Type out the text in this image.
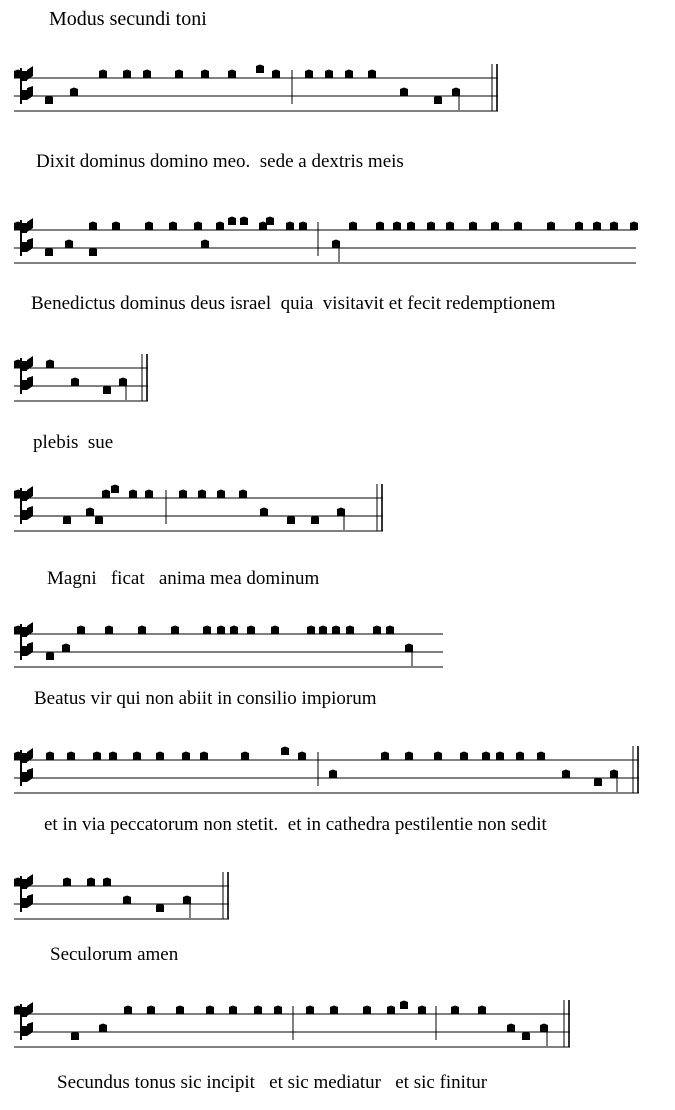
Modus secundi toni
Dixit dominus domino meo.  sede a dextris meis
Benedictus dominus deus israel  quia  visitavit et fecit redemptionem
plebis  sue
Magni   ficat   anima mea dominum
Beatus vir qui non abiit in consilio impiorum
et in via peccatorum non stetit.  et in cathedra pestilentie non sedit
Seculorum amen
Secundus tonus sic incipit   et sic mediatur   et sic finitur
